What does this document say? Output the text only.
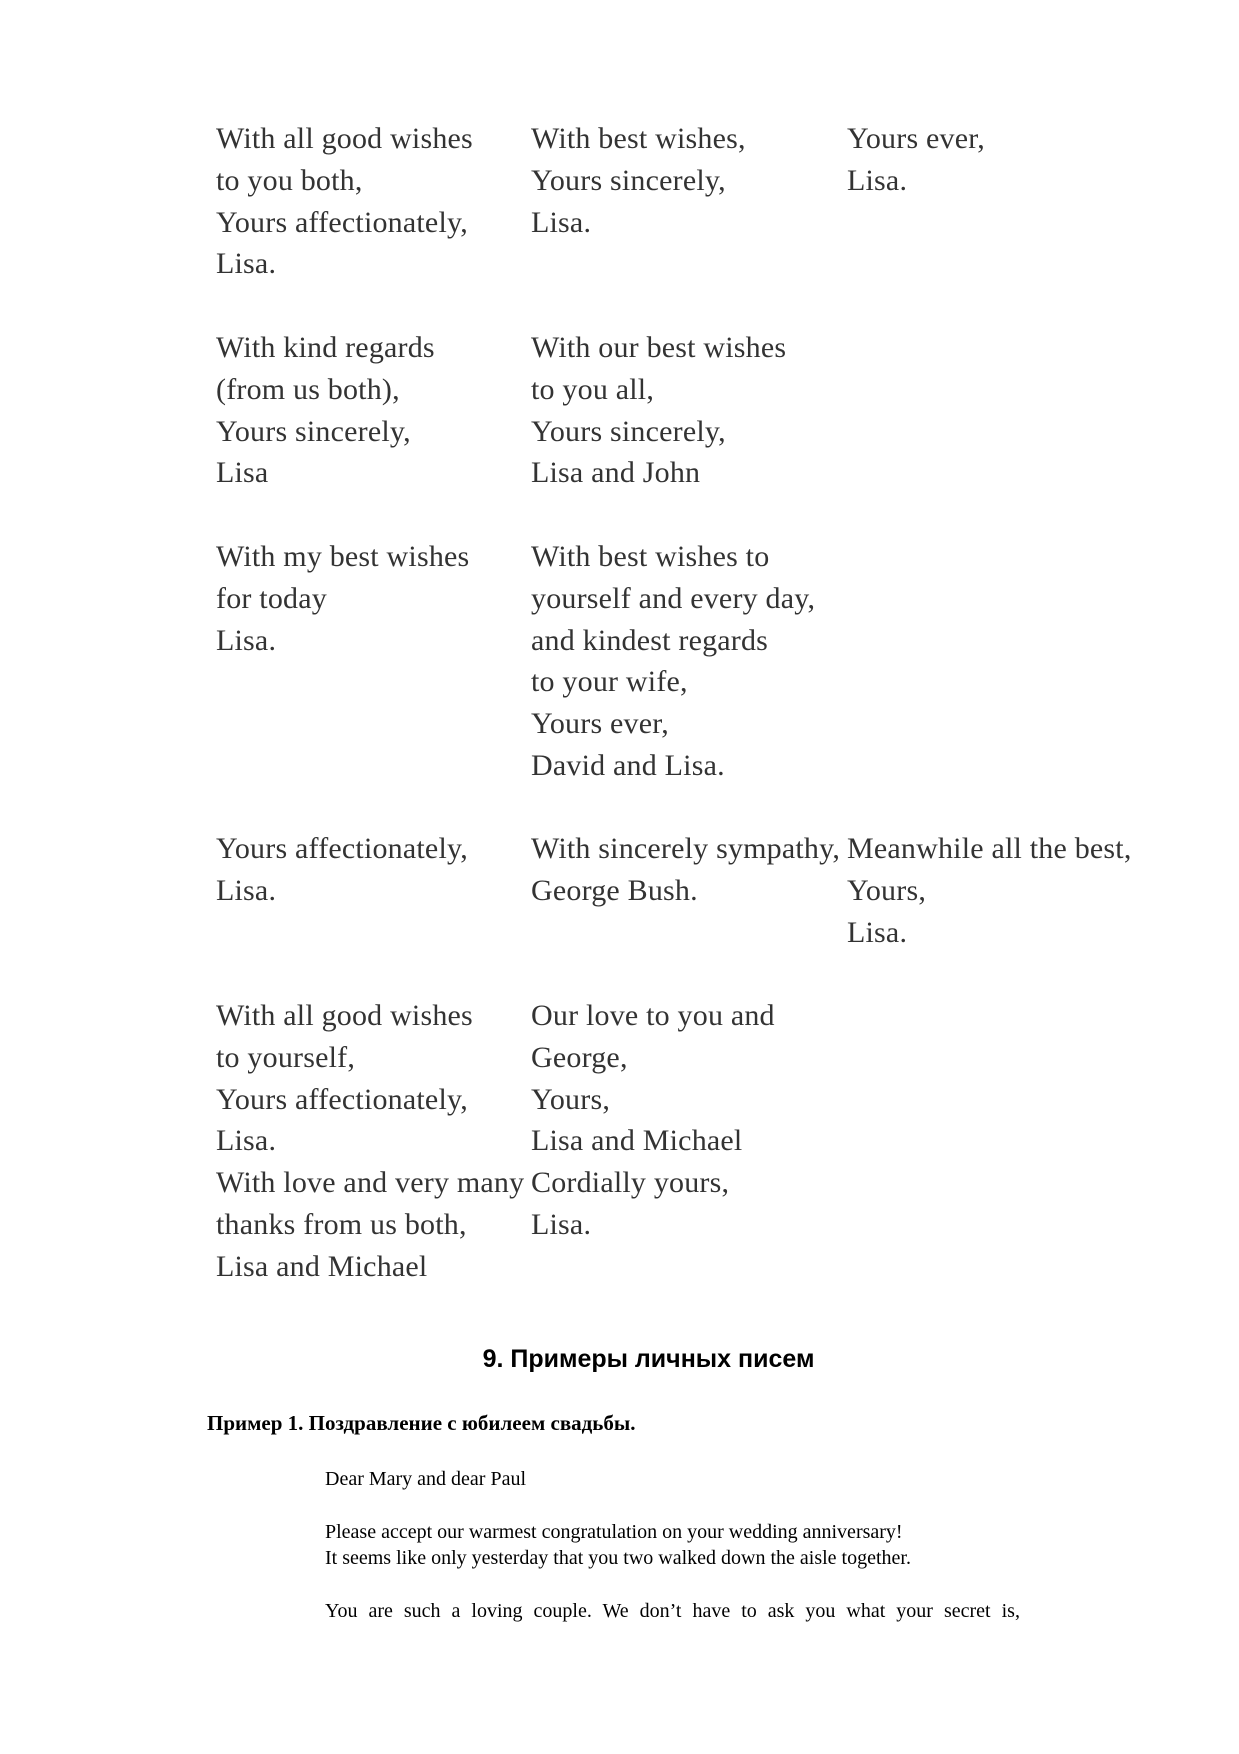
With all good wishes
to you both,
Yours affectionately,
Lisa.
With best wishes,
Yours sincerely,
Lisa.
Yours ever,
Lisa.
With kind regards
(from us both),
Yours sincerely,
Lisa
With our best wishes
to you all,
Yours sincerely,
Lisa and John
With my best wishes
for today
Lisa.
With best wishes to
yourself and every day,
and kindest regards
to your wife,
Yours ever,
David and Lisa.
Yours affectionately,
Lisa.
With sincerely sympathy,
George Bush.
Meanwhile all the best,
Yours,
Lisa.
With all good wishes
to yourself,
Yours affectionately,
Lisa.
With love and very many
thanks from us both,
Lisa and Michael
Our love to you and
George,
Yours,
Lisa and Michael
Cordially yours,
Lisa.
9. Примеры личных писем
Пример 1. Поздравление с юбилеем свадьбы.
Dear Mary and dear Paul
Please accept our warmest congratulation on your wedding anniversary!
It seems like only yesterday that you two walked down the aisle together.
You are such a loving couple. We don’t have to ask you what your secret is,
